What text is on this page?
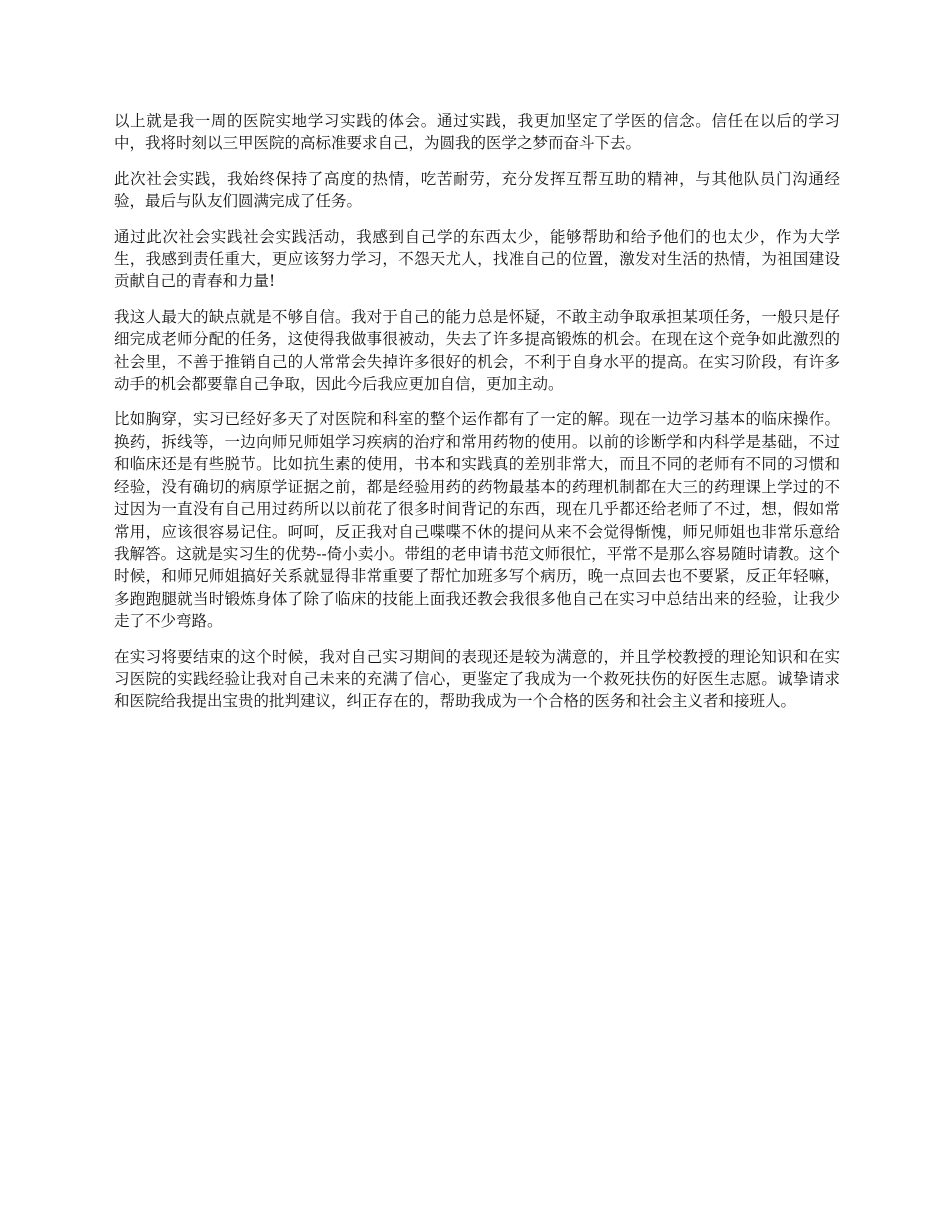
以上就是我一周的医院实地学习实践的体会。通过实践，我更加坚定了学医的信念。信任在以后的学习中，我将时刻以三甲医院的高标准要求自己，为圆我的医学之梦而奋斗下去。

此次社会实践，我始终保持了高度的热情，吃苦耐劳，充分发挥互帮互助的精神，与其他队员门沟通经验，最后与队友们圆满完成了任务。

通过此次社会实践社会实践活动，我感到自己学的东西太少，能够帮助和给予他们的也太少，作为大学生，我感到责任重大，更应该努力学习，不怨天尤人，找准自己的位置，激发对生活的热情，为祖国建设贡献自己的青春和力量!

我这人最大的缺点就是不够自信。我对于自己的能力总是怀疑，不敢主动争取承担某项任务，一般只是仔细完成老师分配的任务，这使得我做事很被动，失去了许多提高锻炼的机会。在现在这个竞争如此激烈的社会里，不善于推销自己的人常常会失掉许多很好的机会，不利于自身水平的提高。在实习阶段，有许多动手的机会都要靠自己争取，因此今后我应更加自信，更加主动。

比如胸穿，实习已经好多天了对医院和科室的整个运作都有了一定的解。现在一边学习基本的临床操作。换药，拆线等，一边向师兄师姐学习疾病的治疗和常用药物的使用。以前的诊断学和内科学是基础，不过和临床还是有些脱节。比如抗生素的使用，书本和实践真的差别非常大，而且不同的老师有不同的习惯和经验，没有确切的病原学证据之前，都是经验用药的药物最基本的药理机制都在大三的药理课上学过的不过因为一直没有自己用过药所以以前花了很多时间背记的东西，现在几乎都还给老师了不过，想，假如常常用，应该很容易记住。呵呵，反正我对自己喋喋不休的提问从来不会觉得惭愧，师兄师姐也非常乐意给我解答。这就是实习生的优势--倚小卖小。带组的老申请书范文师很忙，平常不是那么容易随时请教。这个时候，和师兄师姐搞好关系就显得非常重要了帮忙加班多写个病历，晚一点回去也不要紧，反正年轻嘛，多跑跑腿就当时锻炼身体了除了临床的技能上面我还教会我很多他自己在实习中总结出来的经验，让我少走了不少弯路。

在实习将要结束的这个时候，我对自己实习期间的表现还是较为满意的，并且学校教授的理论知识和在实习医院的实践经验让我对自己未来的充满了信心，更鉴定了我成为一个救死扶伤的好医生志愿。诚挚请求和医院给我提出宝贵的批判建议，纠正存在的，帮助我成为一个合格的医务和社会主义者和接班人。
